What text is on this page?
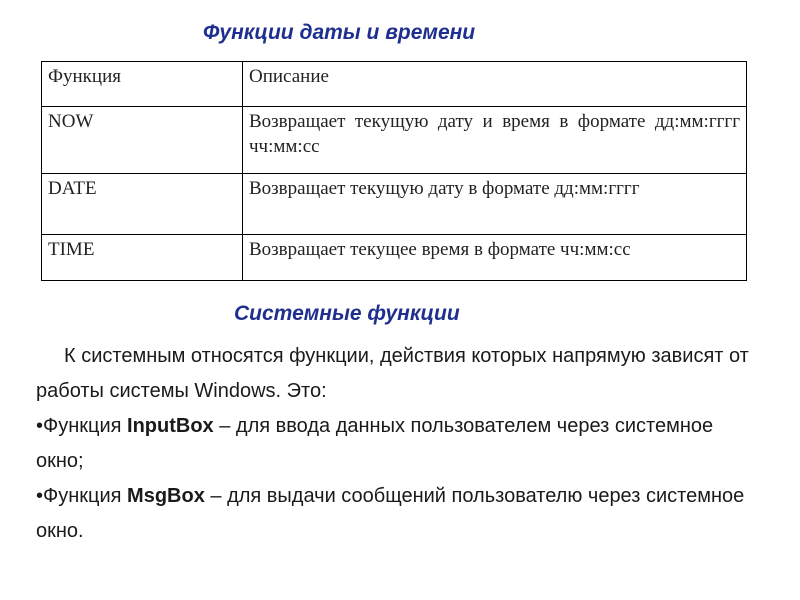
Функции даты и времени
Функция	Описание
NOW	Возвращает текущую дату и время в формате дд:мм:гггг чч:мм:сс
DATE	Возвращает текущую дату в формате дд:мм:гггг
TIME	Возвращает текущее время в формате чч:мм:сс
Системные функции

К системным относятся функции, действия которых напрямую зависят от работы системы Windows. Это:

•Функция InputBox – для ввода данных пользователем через системное окно;

•Функция MsgBox – для выдачи сообщений пользователю через системное окно.
